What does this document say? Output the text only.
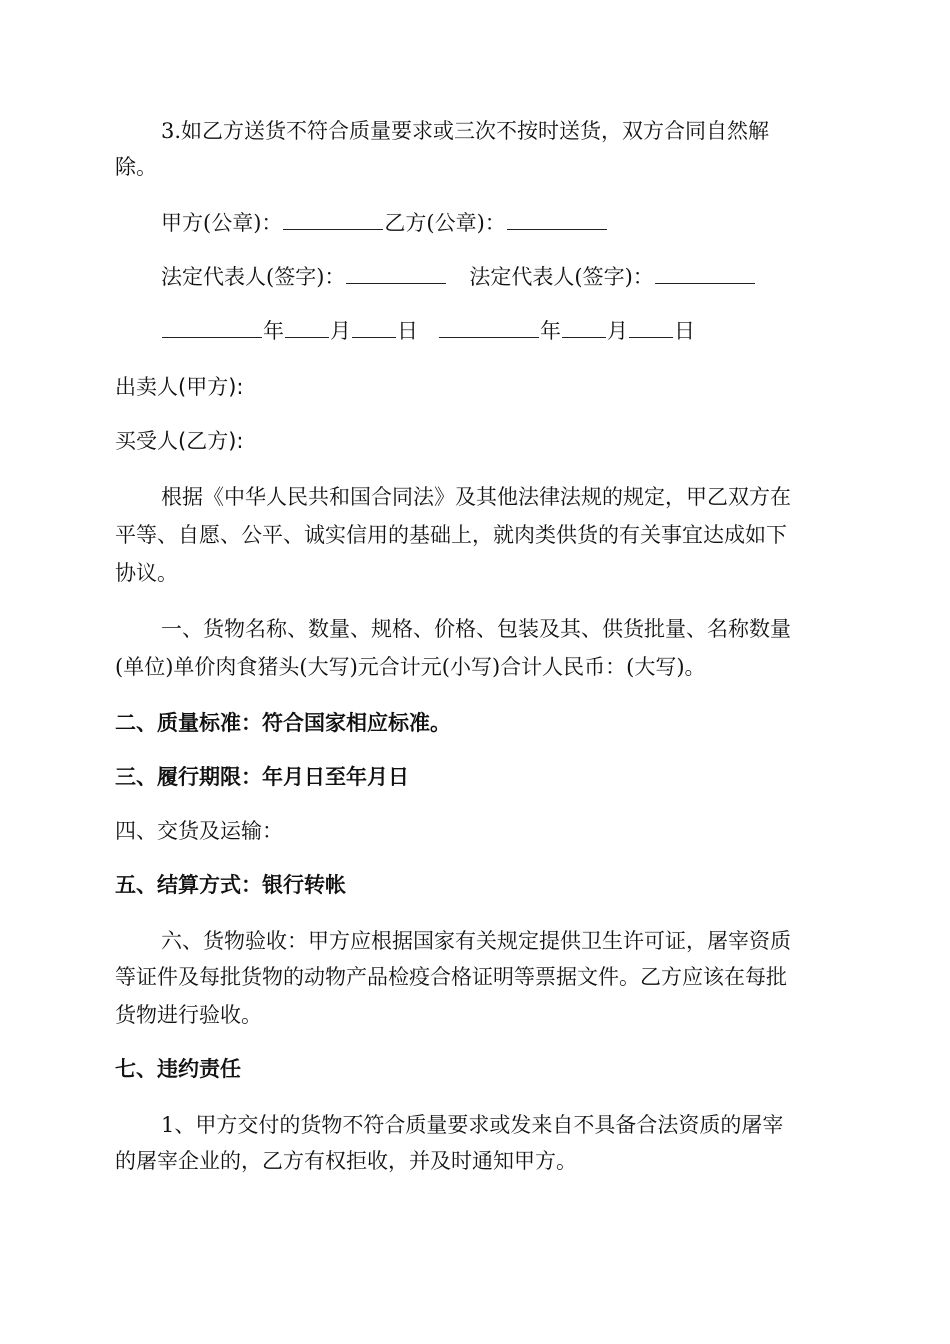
3.如乙方送货不符合质量要求或三次不按时送货，双方合同自然解
除。
甲方(公章)：	乙方(公章)：
法定代表人(签字)：	法定代表人(签字)：
年 月 日	年 月 日
出卖人(甲方):
买受人(乙方):
根据《中华人民共和国合同法》及其他法律法规的规定，甲乙双方在
平等、自愿、公平、诚实信用的基础上，就肉类供货的有关事宜达成如下
协议。
一、货物名称、数量、规格、价格、包装及其、供货批量、名称数量
(单位)单价肉食猪头(大写)元合计元(小写)合计人民币：(大写)。
二、质量标准：符合国家相应标准。
三、履行期限：年月日至年月日
四、交货及运输：
五、结算方式：银行转帐
六、货物验收：甲方应根据国家有关规定提供卫生许可证，屠宰资质
等证件及每批货物的动物产品检疫合格证明等票据文件。乙方应该在每批
货物进行验收。
七、违约责任
1、甲方交付的货物不符合质量要求或发来自不具备合法资质的屠宰
的屠宰企业的，乙方有权拒收，并及时通知甲方。
